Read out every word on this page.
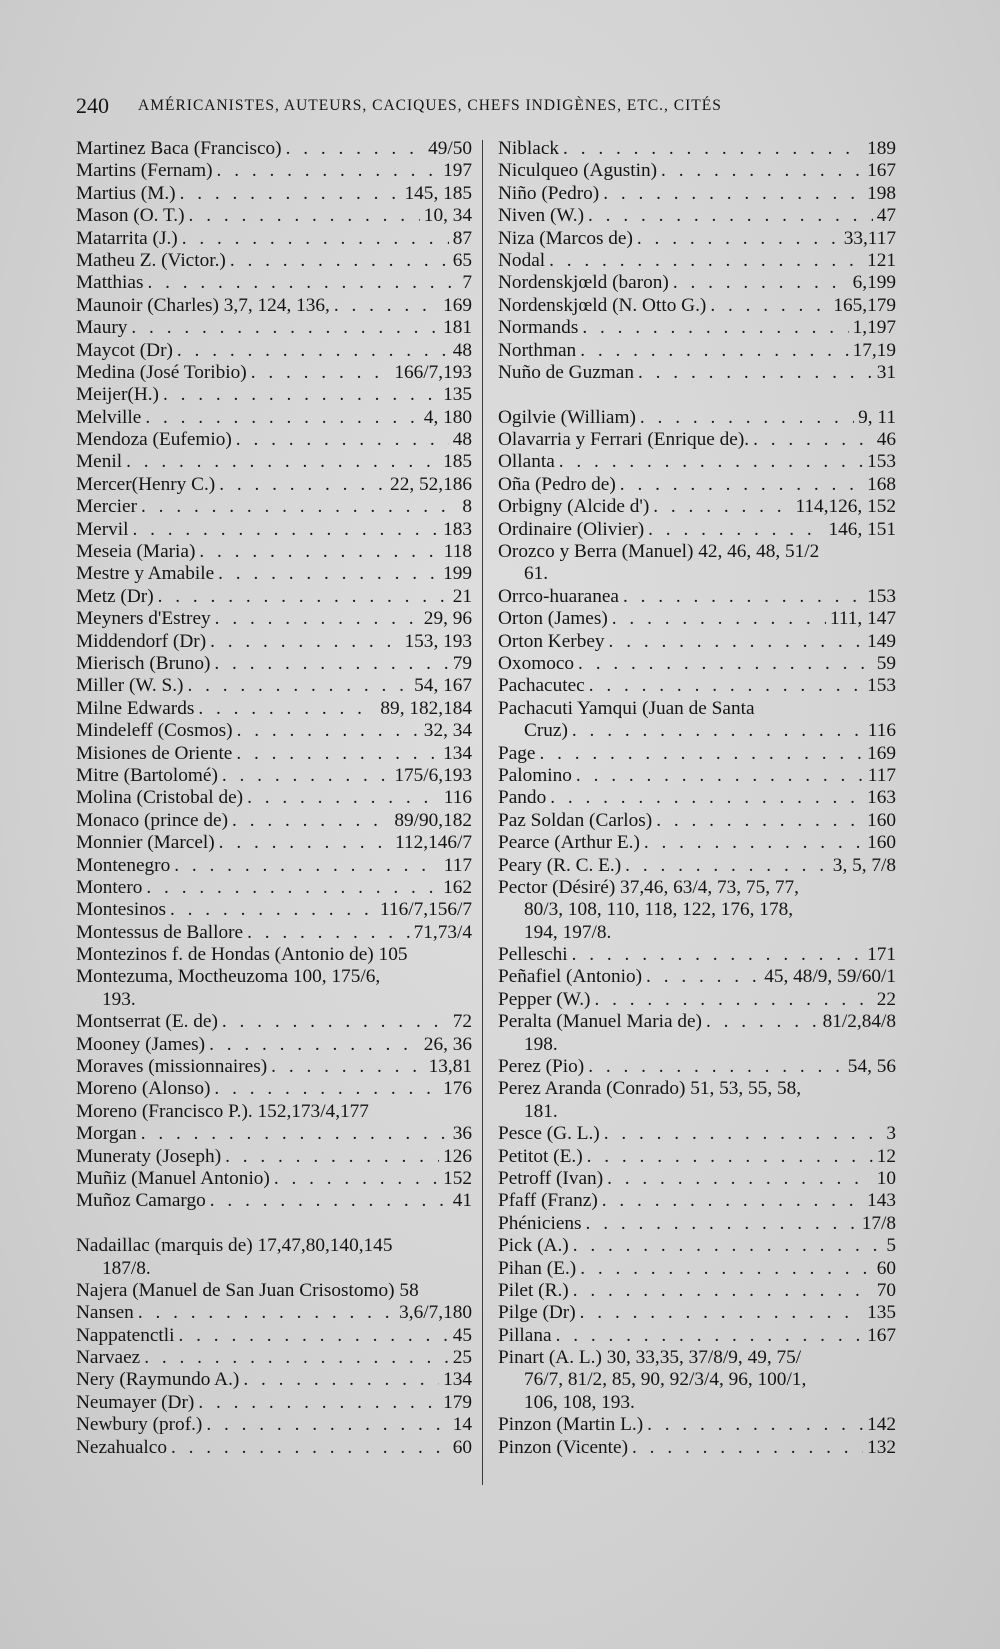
240 AMÉRICANISTES, AUTEURS, CACIQUES, CHEFS INDIGÈNES, ETC., CITÉS
Martinez Baca (Francisco) . . .	49/50
Martins (Fernam) . . .	197
Martius (M.) . . .	145, 185
Mason (O. T.) . . .	10, 34
Matarrita (J.) . . .	87
Matheu Z. (Victor.) . . .	65
Matthias . . .	7
Maunoir (Charles) 3,7, 124, 136, . . .	169
Maury . . .	181
Maycot (Dr) . . .	48
Medina (José Toribio) . . .	166/7,193
Meijer(H.) . . .	135
Melville . . .	4, 180
Mendoza (Eufemio) . . .	48
Menil . . .	185
Mercer(Henry C.) . . .	22, 52,186
Mercier . . .	8
Mervil . . .	183
Meseia (Maria) . . .	118
Mestre y Amabile . . .	199
Metz (Dr) . . .	21
Meyners d'Estrey . . .	29, 96
Middendorf (Dr) . . .	153, 193
Mierisch (Bruno) . . .	79
Miller (W. S.) . . .	54, 167
Milne Edwards . . .	89, 182,184
Mindeleff (Cosmos) . . .	32, 34
Misiones de Oriente . . .	134
Mitre (Bartolomé) . . .	175/6,193
Molina (Cristobal de) . . .	116
Monaco (prince de) . . .	89/90,182
Monnier (Marcel) . . .	112,146/7
Montenegro . . .	117
Montero . . .	162
Montesinos . . .	116/7,156/7
Montessus de Ballore . . .	71,73/4
Montezinos f. de Hondas (Antonio de) 105
Montezuma, Moctheuzoma 100, 175/6,
193.
Montserrat (E. de) . . .	72
Mooney (James) . . .	26, 36
Moraves (missionnaires) . . .	13,81
Moreno (Alonso) . . .	176
Moreno (Francisco P.). 152,173/4,177
Morgan . . .	36
Muneraty (Joseph) . . .	126
Muñiz (Manuel Antonio) . . .	152
Muñoz Camargo . . .	41
Nadaillac (marquis de) 17,47,80,140,145
187/8.
Najera (Manuel de San Juan Crisostomo) 58
Nansen . . .	3,6/7,180
Nappatenctli . . .	45
Narvaez . . .	25
Nery (Raymundo A.) . . .	134
Neumayer (Dr) . . .	179
Newbury (prof.) . . .	14
Nezahualco . . .	60
Niblack . . .	189
Niculqueo (Agustin) . . .	167
Niño (Pedro) . . .	198
Niven (W.) . . .	47
Niza (Marcos de) . . .	33,117
Nodal . . .	121
Nordenskjœld (baron) . . .	6,199
Nordenskjœld (N. Otto G.) . . .	165,179
Normands . . .	1,197
Northman . . .	17,19
Nuño de Guzman . . .	31
Ogilvie (William) . . .	9, 11
Olavarria y Ferrari (Enrique de). . . .	46
Ollanta . . .	153
Oña (Pedro de) . . .	168
Orbigny (Alcide d') . . .	114,126, 152
Ordinaire (Olivier) . . .	146, 151
Orozco y Berra (Manuel) 42, 46, 48, 51/2
61.
Orrco-huaranea . . .	153
Orton (James) . . .	111, 147
Orton Kerbey . . .	149
Oxomoco . . .	59
Pachacutec . . .	153
Pachacuti Yamqui (Juan de Santa
Cruz) . . .	116
Page . . .	169
Palomino . . .	117
Pando . . .	163
Paz Soldan (Carlos) . . .	160
Pearce (Arthur E.) . . .	160
Peary (R. C. E.) . . .	3, 5, 7/8
Pector (Désiré) 37,46, 63/4, 73, 75, 77,
80/3, 108, 110, 118, 122, 176, 178,
194, 197/8.
Pelleschi . . .	171
Peñafiel (Antonio) . . .	45, 48/9, 59/60/1
Pepper (W.) . . .	22
Peralta (Manuel Maria de) . . .	81/2,84/8
198.
Perez (Pio) . . .	54, 56
Perez Aranda (Conrado) 51, 53, 55, 58,
181.
Pesce (G. L.) . . .	3
Petitot (E.) . . .	12
Petroff (Ivan) . . .	10
Pfaff (Franz) . . .	143
Phéniciens . . .	17/8
Pick (A.) . . .	5
Pihan (E.) . . .	60
Pilet (R.) . . .	70
Pilge (Dr) . . .	135
Pillana . . .	167
Pinart (A. L.) 30, 33,35, 37/8/9, 49, 75/
76/7, 81/2, 85, 90, 92/3/4, 96, 100/1,
106, 108, 193.
Pinzon (Martin L.) . . .	142
Pinzon (Vicente) . . .	132
